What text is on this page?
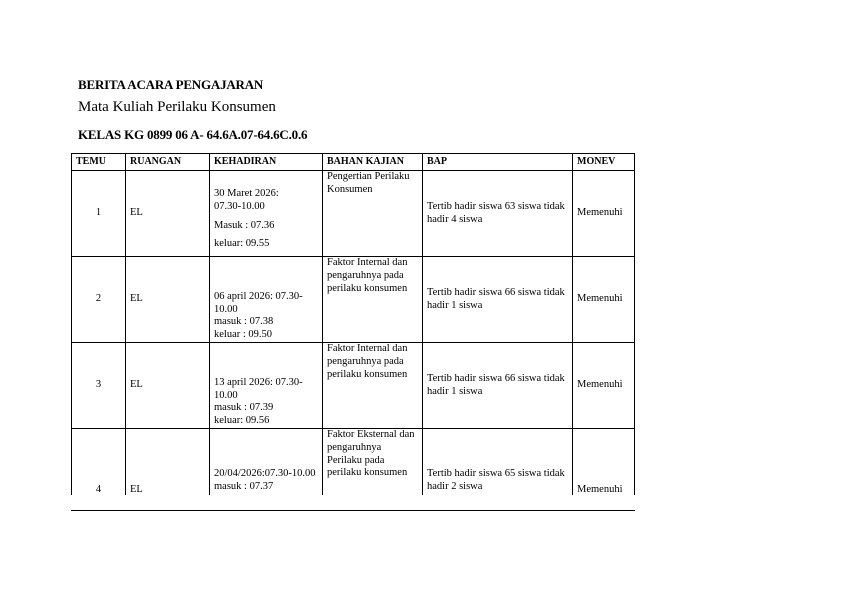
BERITA ACARA PENGAJARAN
Mata Kuliah Perilaku Konsumen
KELAS KG 0899 06 A- 64.6A.07-64.6C.0.6
TEMU	RUANGAN	KEHADIRAN	BAHAN KAJIAN	BAP	MONEV
1	EL	30 Maret 2026:
07.30-10.00
Masuk : 07.36
keluar: 09.55	Pengertian Perilaku Konsumen	Tertib hadir siswa 63 siswa tidak hadir 4 siswa	Memenuhi
2	EL	06 april 2026: 07.30-10.00
masuk : 07.38
keluar : 09.50	Faktor Internal dan pengaruhnya pada perilaku konsumen	Tertib hadir siswa 66 siswa tidak hadir 1 siswa	Memenuhi
3	EL	13 april 2026: 07.30-10.00
masuk : 07.39
keluar: 09.56	Faktor Internal dan pengaruhnya pada perilaku konsumen	Tertib hadir siswa 66 siswa tidak hadir 1 siswa	Memenuhi
4	EL	20/04/2026:07.30-10.00
masuk : 07.37	Faktor Eksternal dan pengaruhnya Perilaku pada perilaku konsumen	Tertib hadir siswa 65 siswa tidak hadir 2 siswa	Memenuhi
